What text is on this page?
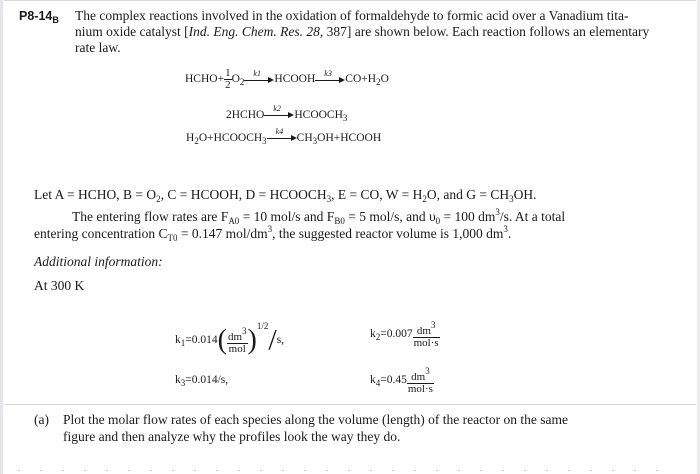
$P8-14_B$ The complex reactions involved in the oxidation of formaldehyde to formic acid over a Vanadium tita-
nium oxide catalyst [Ind. Eng. Chem. Res. 28, 387] are shown below. Each reaction follows an elementary
rate law.
HCHO+ $\frac{1}{2} O_2$
k1
HCOOH
k3
$CO+H_2O$
2HCHO
k2
$HCOOCH_3$
$H_2O+HCOOCH_3$
k4
$CH_3OH+HCOOH$
Let A = HCHO, $B = O_2$, C = HCOOH, $D = HCOOCH_3$, E = CO, $W = H_2O$, and $G = CH_3OH$.
The entering flow rates are $F_{A0} = 10$ mol/s and $F_{B0} = 5$ mol/s, and $\upsilon_0 = 100$ $dm^3/s$. At a total
entering concentration $C_{T0} = 0.147$ mol/$dm^3$, the suggested reactor volume is 1,000 $dm^3$.
Additional information:
At 300 K
$k_1=0.014( \frac{dm^3}{\text{mol}} )^{1/2}/s$,	$k_2=0.007 \frac{dm^3}{\text{mol·s}}$
$k_3=0.014/s$,	$k_4=0.45 \frac{dm^3}{\text{mol·s}}$
(a) Plot the molar flow rates of each species along the volume (length) of the reactor on the same
figure and then analyze why the profiles look the way they do.
